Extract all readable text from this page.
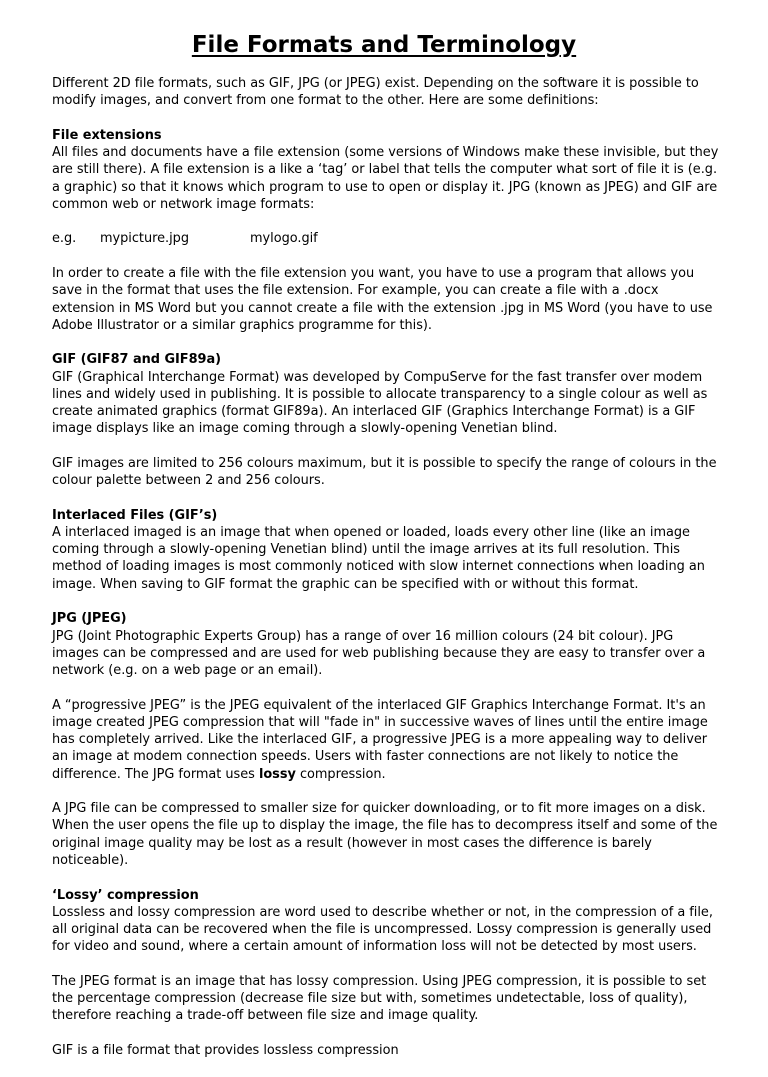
File Formats and Terminology

Different 2D file formats, such as GIF, JPG (or JPEG) exist. Depending on the software it is possible to modify images, and convert from one format to the other. Here are some definitions:

File extensions
All files and documents have a file extension (some versions of Windows make these invisible, but they are still there). A file extension is a like a ‘tag’ or label that tells the computer what sort of file it is (e.g. a graphic) so that it knows which program to use to open or display it. JPG (known as JPEG) and GIF are common web or network image formats:

e.g.	mypicture.jpg	mylogo.gif

In order to create a file with the file extension you want, you have to use a program that allows you save in the format that uses the file extension. For example, you can create a file with a .docx extension in MS Word but you cannot create a file with the extension .jpg in MS Word (you have to use Adobe Illustrator or a similar graphics programme for this).

GIF (GIF87 and GIF89a)
GIF (Graphical Interchange Format) was developed by CompuServe for the fast transfer over modem lines and widely used in publishing. It is possible to allocate transparency to a single colour as well as create animated graphics (format GIF89a). An interlaced GIF (Graphics Interchange Format) is a GIF image displays like an image coming through a slowly-opening Venetian blind.

GIF images are limited to 256 colours maximum, but it is possible to specify the range of colours in the colour palette between 2 and 256 colours.

Interlaced Files (GIF’s)
A interlaced imaged is an image that when opened or loaded, loads every other line (like an image coming through a slowly-opening Venetian blind) until the image arrives at its full resolution. This method of loading images is most commonly noticed with slow internet connections when loading an image. When saving to GIF format the graphic can be specified with or without this format.

JPG (JPEG)
JPG (Joint Photographic Experts Group) has a range of over 16 million colours (24 bit colour). JPG images can be compressed and are used for web publishing because they are easy to transfer over a network (e.g. on a web page or an email).

A “progressive JPEG” is the JPEG equivalent of the interlaced GIF Graphics Interchange Format. It's an image created JPEG compression that will "fade in" in successive waves of lines until the entire image has completely arrived. Like the interlaced GIF, a progressive JPEG is a more appealing way to deliver an image at modem connection speeds. Users with faster connections are not likely to notice the difference. The JPG format uses lossy compression.

A JPG file can be compressed to smaller size for quicker downloading, or to fit more images on a disk. When the user opens the file up to display the image, the file has to decompress itself and some of the original image quality may be lost as a result (however in most cases the difference is barely noticeable).

‘Lossy’ compression
Lossless and lossy compression are word used to describe whether or not, in the compression of a file, all original data can be recovered when the file is uncompressed. Lossy compression is generally used for video and sound, where a certain amount of information loss will not be detected by most users.

The JPEG format is an image that has lossy compression. Using JPEG compression, it is possible to set the percentage compression (decrease file size but with, sometimes undetectable, loss of quality), therefore reaching a trade-off between file size and image quality.

GIF is a file format that provides lossless compression
